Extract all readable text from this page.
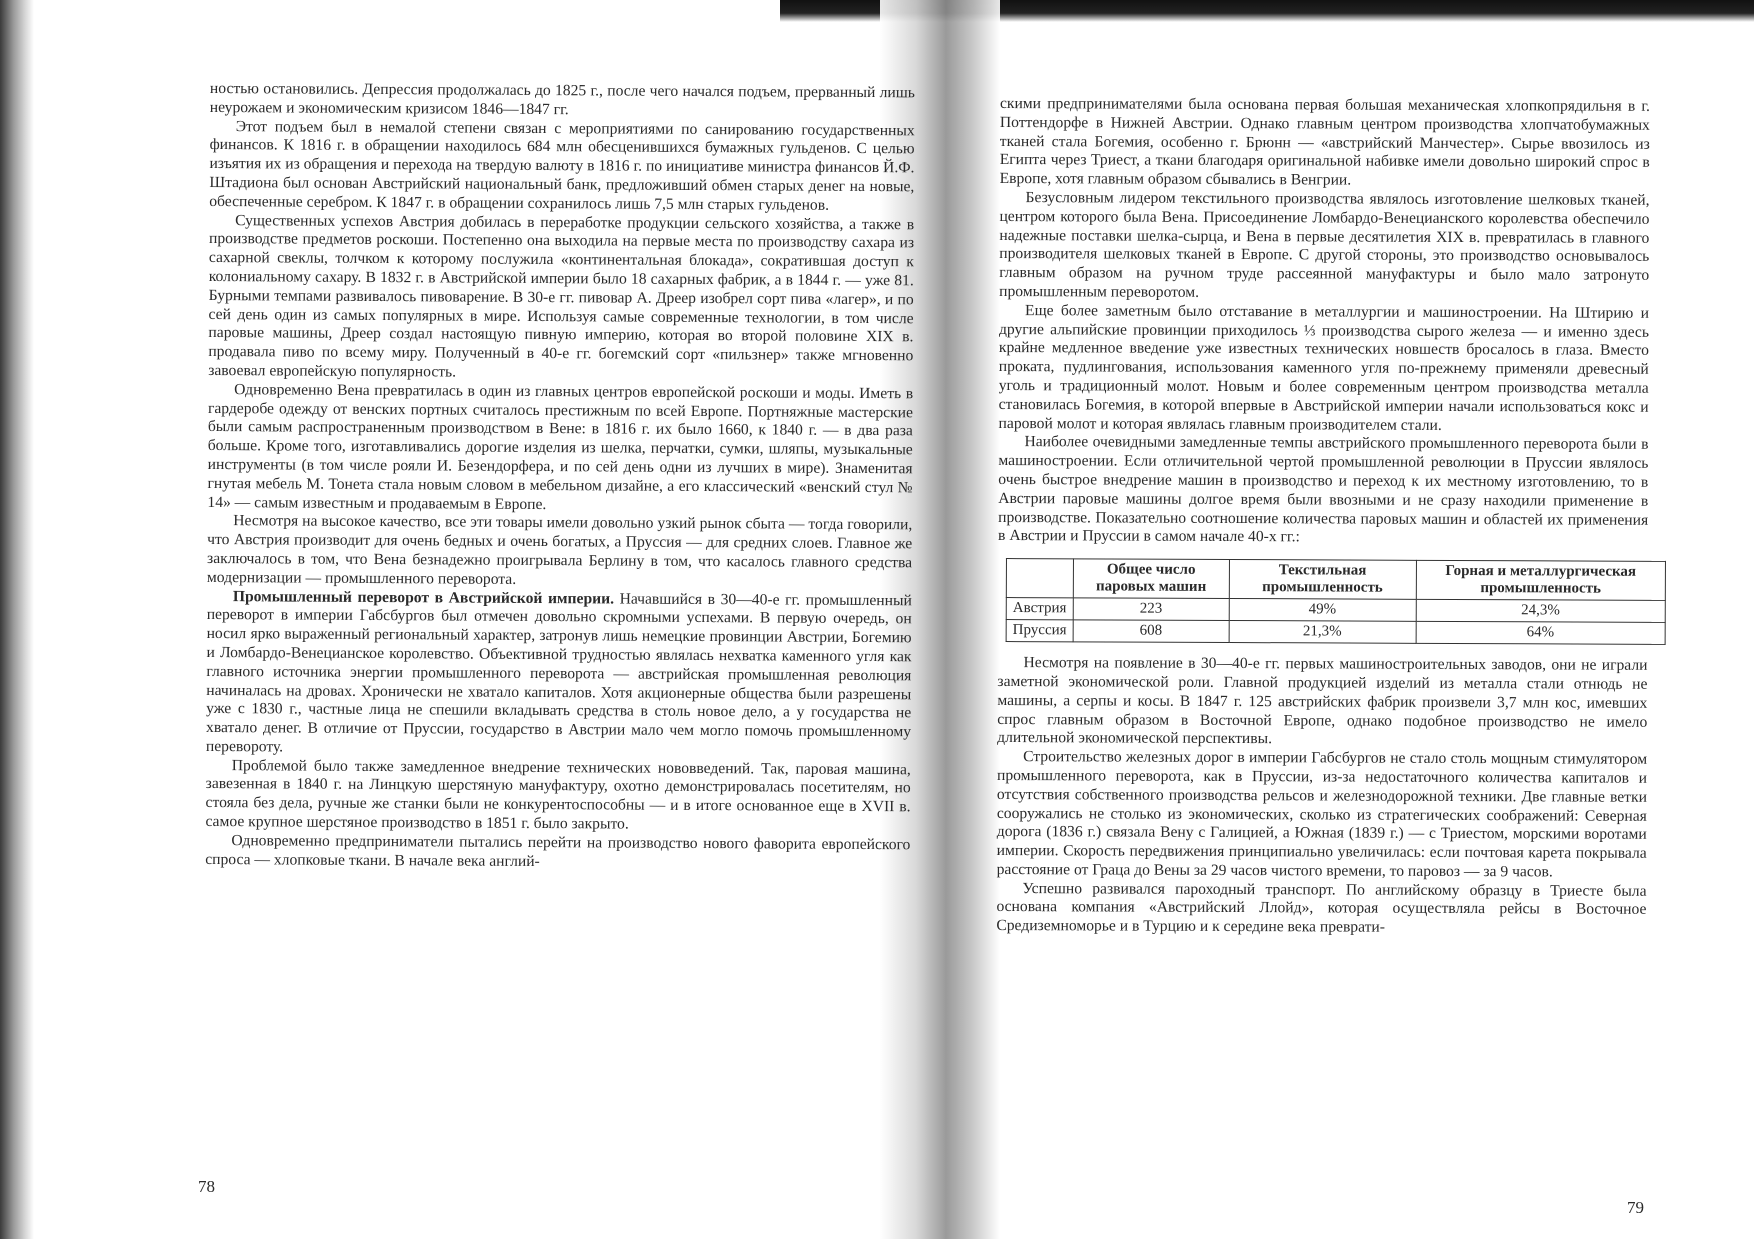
ностью остановились. Депрессия продолжалась до 1825 г., после чего начался подъем, прерванный лишь неурожаем и экономическим кризисом 1846—1847 гг.

Этот подъем был в немалой степени связан с мероприятиями по санированию государственных финансов. К 1816 г. в обращении находилось 684 млн обесценившихся бумажных гульденов. С целью изъятия их из обращения и перехода на твердую валюту в 1816 г. по инициативе министра финансов Й.Ф. Штадиона был основан Австрийский национальный банк, предложивший обмен старых денег на новые, обеспеченные серебром. К 1847 г. в обращении сохранилось лишь 7,5 млн старых гульденов.

Существенных успехов Австрия добилась в переработке продукции сельского хозяйства, а также в производстве предметов роскоши. Постепенно она выходила на первые места по производству сахара из сахарной свеклы, толчком к которому послужила «континентальная блокада», сократившая доступ к колониальному сахару. В 1832 г. в Австрийской империи было 18 сахарных фабрик, а в 1844 г. — уже 81. Бурными темпами развивалось пивоварение. В 30-е гг. пивовар А. Дреер изобрел сорт пива «лагер», и по сей день один из самых популярных в мире. Используя самые современные технологии, в том числе паровые машины, Дреер создал настоящую пивную империю, которая во второй половине XIX в. продавала пиво по всему миру. Полученный в 40-е гг. богемский сорт «пильзнер» также мгновенно завоевал европейскую популярность.

Одновременно Вена превратилась в один из главных центров европейской роскоши и моды. Иметь в гардеробе одежду от венских портных считалось престижным по всей Европе. Портняжные мастерские были самым распространенным производством в Вене: в 1816 г. их было 1660, к 1840 г. — в два раза больше. Кроме того, изготавливались дорогие изделия из шелка, перчатки, сумки, шляпы, музыкальные инструменты (в том числе рояли И. Безендорфера, и по сей день одни из лучших в мире). Знаменитая гнутая мебель М. Тонета стала новым словом в мебельном дизайне, а его классический «венский стул № 14» — самым известным и продаваемым в Европе.

Несмотря на высокое качество, все эти товары имели довольно узкий рынок сбыта — тогда говорили, что Австрия производит для очень бедных и очень богатых, а Пруссия — для средних слоев. Главное же заключалось в том, что Вена безнадежно проигрывала Берлину в том, что касалось главного средства модернизации — промышленного переворота.

Промышленный переворот в Австрийской империи. Начавшийся в 30—40-е гг. промышленный переворот в империи Габсбургов был отмечен довольно скромными успехами. В первую очередь, он носил ярко выраженный региональный характер, затронув лишь немецкие провинции Австрии, Богемию и Ломбардо-Венецианское королевство. Объективной трудностью являлась нехватка каменного угля как главного источника энергии промышленного переворота — австрийская промышленная революция начиналась на дровах. Хронически не хватало капиталов. Хотя акционерные общества были разрешены уже с 1830 г., частные лица не спешили вкладывать средства в столь новое дело, а у государства не хватало денег. В отличие от Пруссии, государство в Австрии мало чем могло помочь промышленному перевороту.

Проблемой было также замедленное внедрение технических нововведений. Так, паровая машина, завезенная в 1840 г. на Линцкую шерстяную мануфактуру, охотно демонстрировалась посетителям, но стояла без дела, ручные же станки были не конкурентоспособны — и в итоге основанное еще в XVII в. самое крупное шерстяное производство в 1851 г. было закрыто.

Одновременно предприниматели пытались перейти на производство нового фаворита европейского спроса — хлопковые ткани. В начале века англий-

78

скими предпринимателями была основана первая большая механическая хлопкопрядильня в г. Поттендорфе в Нижней Австрии. Однако главным центром производства хлопчатобумажных тканей стала Богемия, особенно г. Брюнн — «австрийский Манчестер». Сырье ввозилось из Египта через Триест, а ткани благодаря оригинальной набивке имели довольно широкий спрос в Европе, хотя главным образом сбывались в Венгрии.

Безусловным лидером текстильного производства являлось изготовление шелковых тканей, центром которого была Вена. Присоединение Ломбардо-Венецианского королевства обеспечило надежные поставки шелка-сырца, и Вена в первые десятилетия XIX в. превратилась в главного производителя шелковых тканей в Европе. С другой стороны, это производство основывалось главным образом на ручном труде рассеянной мануфактуры и было мало затронуто промышленным переворотом.

Еще более заметным было отставание в металлургии и машиностроении. На Штирию и другие альпийские провинции приходилось ⅓ производства сырого железа — и именно здесь крайне медленное введение уже известных технических новшеств бросалось в глаза. Вместо проката, пудлингования, использования каменного угля по-прежнему применяли древесный уголь и традиционный молот. Новым и более современным центром производства металла становилась Богемия, в которой впервые в Австрийской империи начали использоваться кокс и паровой молот и которая являлась главным производителем стали.

Наиболее очевидными замедленные темпы австрийского промышленного переворота были в машиностроении. Если отличительной чертой промышленной революции в Пруссии являлось очень быстрое внедрение машин в производство и переход к их местному изготовлению, то в Австрии паровые машины долгое время были ввозными и не сразу находили применение в производстве. Показательно соотношение количества паровых машин и областей их применения в Австрии и Пруссии в самом начале 40-х гг.:

	Общее число паровых машин	Текстильная промышленность	Горная и металлургическая промышленность
Австрия	223	49%	24,3%
Пруссия	608	21,3%	64%

Несмотря на появление в 30—40-е гг. первых машиностроительных заводов, они не играли заметной экономической роли. Главной продукцией изделий из металла стали отнюдь не машины, а серпы и косы. В 1847 г. 125 австрийских фабрик произвели 3,7 млн кос, имевших спрос главным образом в Восточной Европе, однако подобное производство не имело длительной экономической перспективы.

Строительство железных дорог в империи Габсбургов не стало столь мощным стимулятором промышленного переворота, как в Пруссии, из-за недостаточного количества капиталов и отсутствия собственного производства рельсов и железнодорожной техники. Две главные ветки сооружались не столько из экономических, сколько из стратегических соображений: Северная дорога (1836 г.) связала Вену с Галицией, а Южная (1839 г.) — с Триестом, морскими воротами империи. Скорость передвижения принципиально увеличилась: если почтовая карета покрывала расстояние от Граца до Вены за 29 часов чистого времени, то паровоз — за 9 часов.

Успешно развивался пароходный транспорт. По английскому образцу в Триесте была основана компания «Австрийский Ллойд», которая осуществляла рейсы в Восточное Средиземноморье и в Турцию и к середине века преврати-

79
